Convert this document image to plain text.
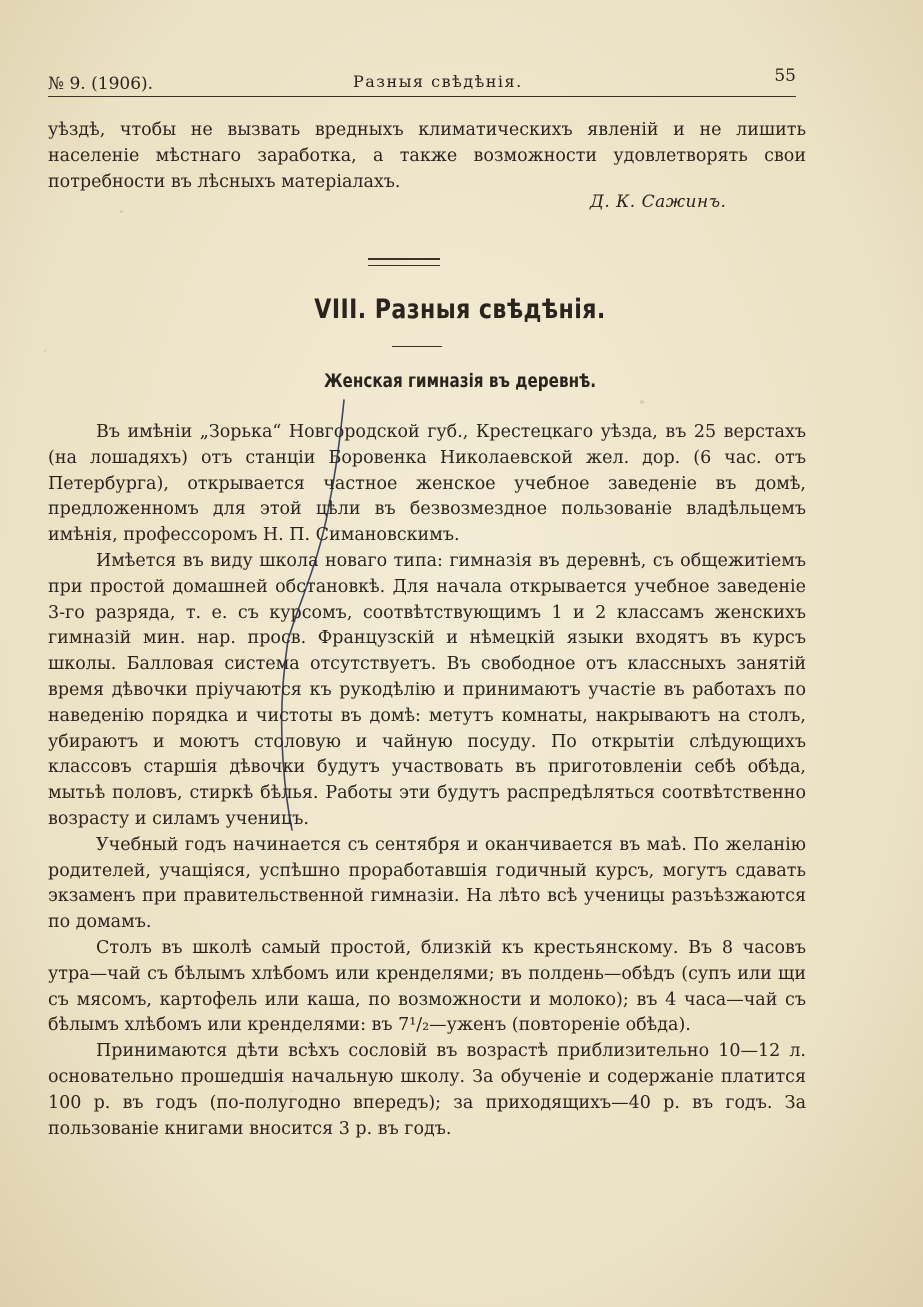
№ 9. (1906).	Разныя свѣдѣнія.	55

уѣздѣ, чтобы не вызвать вредныхъ климатическихъ явленій и не лишить населеніе мѣстнаго заработка, а также возможности удовлетворять свои потребности въ лѣсныхъ матеріалахъ.

Д. К. Сажинъ.
VIII. Разныя свѣдѣнія.
Женская гимназія въ деревнѣ.

Въ имѣніи „Зорька“ Новгородской губ., Крестецкаго уѣзда, въ 25 верстахъ (на лошадяхъ) отъ станціи Боровенка Николаевской жел. дор. (6 час. отъ Петербурга), открывается частное женское учебное заведеніе въ домѣ, предложенномъ для этой цѣли въ безвозмездное пользованіе владѣльцемъ имѣнія, профессоромъ Н. П. Симановскимъ.

Имѣется въ виду школа новаго типа: гимназія въ деревнѣ, съ общежитіемъ при простой домашней обстановкѣ. Для начала открывается учебное заведеніе 3-го разряда, т. е. съ курсомъ, соотвѣтствующимъ 1 и 2 классамъ женскихъ гимназій мин. нар. просв. Французскій и нѣмецкій языки входятъ въ курсъ школы. Балловая система отсутствуетъ. Въ свободное отъ классныхъ занятій время дѣвочки пріучаются къ рукодѣлію и принимаютъ участіе въ работахъ по наведенію порядка и чистоты въ домѣ: метутъ комнаты, накрываютъ на столъ, убираютъ и моютъ столовую и чайную посуду. По открытіи слѣдующихъ классовъ старшія дѣвочки будутъ участвовать въ приготовленіи себѣ обѣда, мытьѣ половъ, стиркѣ бѣлья. Работы эти будутъ распредѣляться соотвѣтственно возрасту и силамъ ученицъ.

Учебный годъ начинается съ сентября и оканчивается въ маѣ. По желанію родителей, учащіяся, успѣшно проработавшія годичный курсъ, могутъ сдавать экзаменъ при правительственной гимназіи. На лѣто всѣ ученицы разъѣзжаются по домамъ.

Столъ въ школѣ самый простой, близкій къ крестьянскому. Въ 8 часовъ утра—чай съ бѣлымъ хлѣбомъ или кренделями; въ полдень—обѣдъ (супъ или щи съ мясомъ, картофель или каша, по возможности и молоко); въ 4 часа—чай съ бѣлымъ хлѣбомъ или кренделями: въ 7¹/₂—уженъ (повтореніе обѣда).

Принимаются дѣти всѣхъ сословій въ возрастѣ приблизительно 10—12 л. основательно прошедшія начальную школу. За обученіе и содержаніе платится 100 р. въ годъ (по-полугодно впередъ); за приходящихъ—40 р. въ годъ. За пользованіе книгами вносится 3 р. въ годъ.
